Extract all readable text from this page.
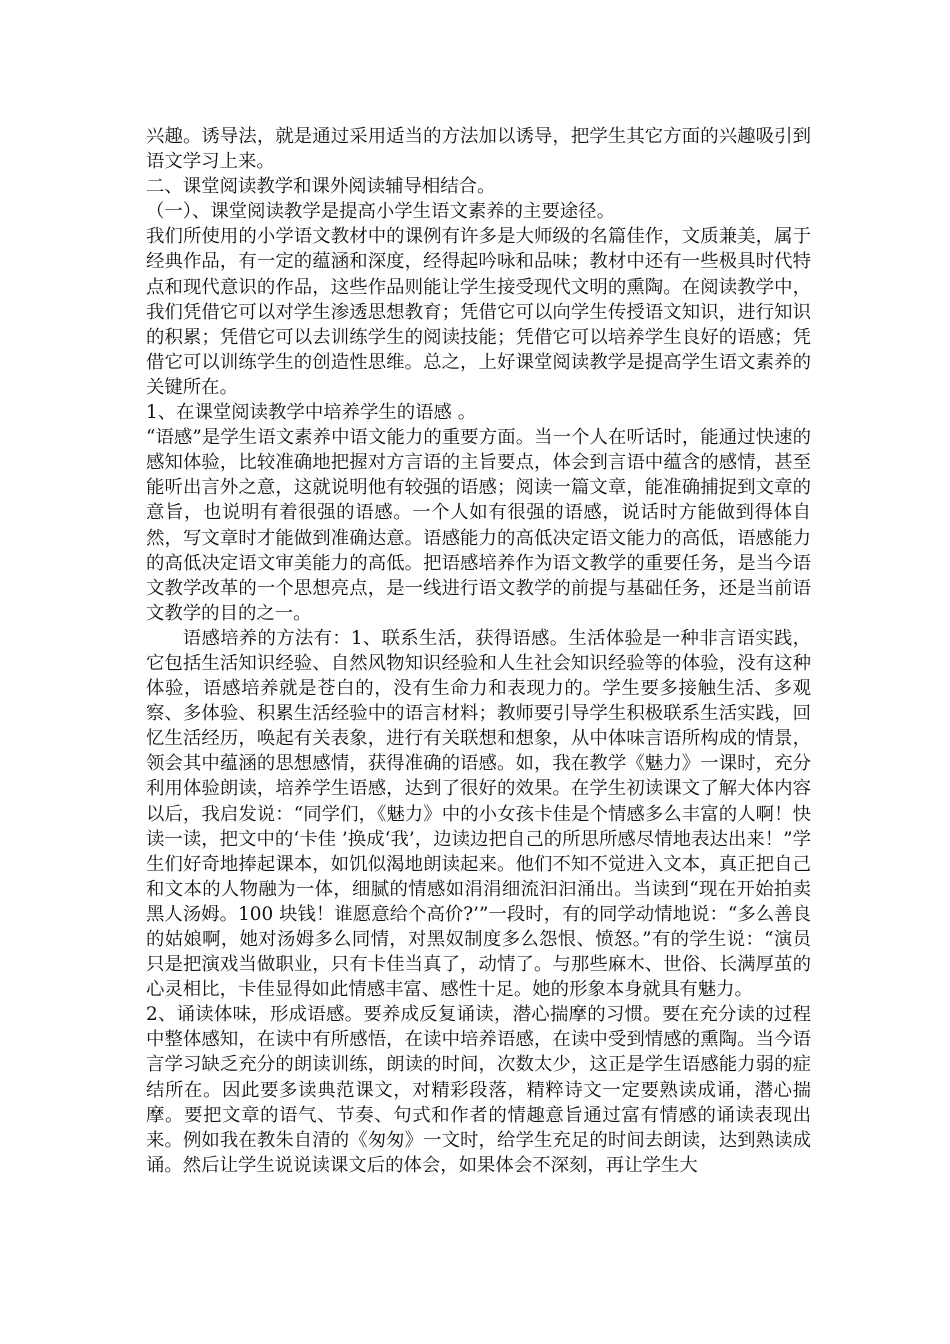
兴趣。诱导法，就是通过采用适当的方法加以诱导，把学生其它方面的兴趣吸引到语文学习上来。

二、课堂阅读教学和课外阅读辅导相结合。

（一）、课堂阅读教学是提高小学生语文素养的主要途径。

我们所使用的小学语文教材中的课例有许多是大师级的名篇佳作，文质兼美，属于经典作品，有一定的蕴涵和深度，经得起吟咏和品味；教材中还有一些极具时代特点和现代意识的作品，这些作品则能让学生接受现代文明的熏陶。在阅读教学中，我们凭借它可以对学生渗透思想教育；凭借它可以向学生传授语文知识，进行知识的积累；凭借它可以去训练学生的阅读技能；凭借它可以培养学生良好的语感；凭借它可以训练学生的创造性思维。总之，上好课堂阅读教学是提高学生语文素养的关键所在。

1、在课堂阅读教学中培养学生的语感 。

“语感”是学生语文素养中语文能力的重要方面。当一个人在听话时，能通过快速的感知体验，比较准确地把握对方言语的主旨要点，体会到言语中蕴含的感情，甚至能听出言外之意，这就说明他有较强的语感；阅读一篇文章，能准确捕捉到文章的意旨，也说明有着很强的语感。一个人如有很强的语感，说话时方能做到得体自然，写文章时才能做到准确达意。语感能力的高低决定语文能力的高低，语感能力的高低决定语文审美能力的高低。把语感培养作为语文教学的重要任务，是当今语文教学改革的一个思想亮点，是一线进行语文教学的前提与基础任务，还是当前语文教学的目的之一。

语感培养的方法有：1、联系生活，获得语感。生活体验是一种非言语实践，它包括生活知识经验、自然风物知识经验和人生社会知识经验等的体验，没有这种体验，语感培养就是苍白的，没有生命力和表现力的。学生要多接触生活、多观察、多体验、积累生活经验中的语言材料；教师要引导学生积极联系生活实践，回忆生活经历，唤起有关表象，进行有关联想和想象，从中体味言语所构成的情景，领会其中蕴涵的思想感情，获得准确的语感。如，我在教学《魅力》一课时，充分利用体验朗读，培养学生语感，达到了很好的效果。在学生初读课文了解大体内容以后，我启发说：“同学们，《魅力》中的小女孩卡佳是个情感多么丰富的人啊！快读一读，把文中的‘卡佳 ’换成‘我’，边读边把自己的所思所感尽情地表达出来！”学生们好奇地捧起课本，如饥似渴地朗读起来。他们不知不觉进入文本，真正把自己和文本的人物融为一体，细腻的情感如涓涓细流汩汩涌出。当读到“现在开始拍卖黑人汤姆。100 块钱！谁愿意给个高价?’”一段时，有的同学动情地说：“多么善良的姑娘啊，她对汤姆多么同情，对黑奴制度多么怨恨、愤怒。”有的学生说：“演员只是把演戏当做职业，只有卡佳当真了，动情了。与那些麻木、世俗、长满厚茧的心灵相比，卡佳显得如此情感丰富、感性十足。她的形象本身就具有魅力。

2、诵读体味，形成语感。要养成反复诵读，潜心揣摩的习惯。要在充分读的过程中整体感知，在读中有所感悟，在读中培养语感，在读中受到情感的熏陶。当今语言学习缺乏充分的朗读训练，朗读的时间，次数太少，这正是学生语感能力弱的症结所在。因此要多读典范课文，对精彩段落，精粹诗文一定要熟读成诵，潜心揣摩。要把文章的语气、节奏、句式和作者的情趣意旨通过富有情感的诵读表现出来。例如我在教朱自清的《匆匆》一文时，给学生充足的时间去朗读，达到熟读成诵。然后让学生说说读课文后的体会，如果体会不深刻，再让学生大
